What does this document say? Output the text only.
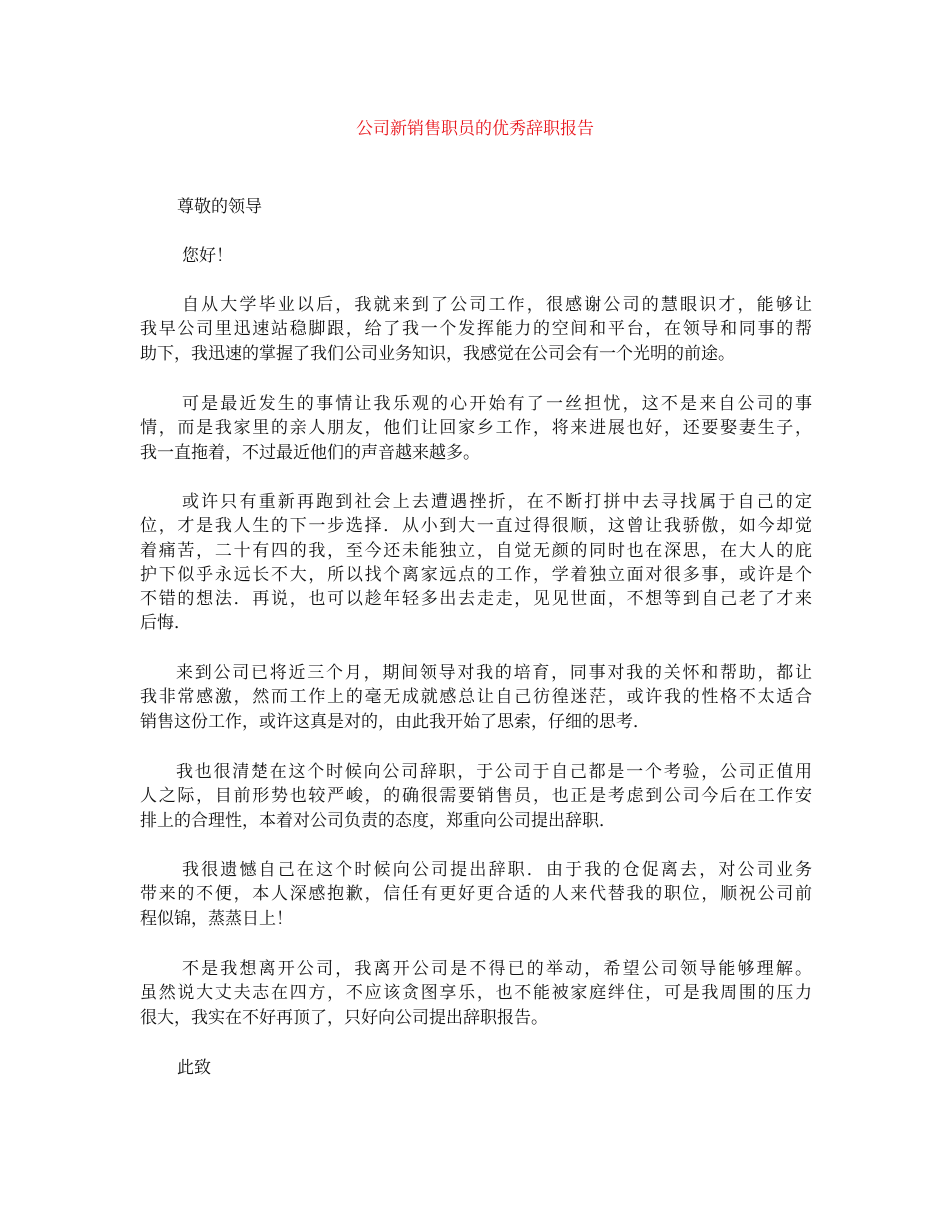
公司新销售职员的优秀辞职报告
尊敬的领导
您好！
自从大学毕业以后，我就来到了公司工作，很感谢公司的慧眼识才，能够让
我早公司里迅速站稳脚跟，给了我一个发挥能力的空间和平台，在领导和同事的帮
助下，我迅速的掌握了我们公司业务知识，我感觉在公司会有一个光明的前途。
可是最近发生的事情让我乐观的心开始有了一丝担忧，这不是来自公司的事
情，而是我家里的亲人朋友，他们让回家乡工作，将来进展也好，还要娶妻生子，
我一直拖着，不过最近他们的声音越来越多。
或许只有重新再跑到社会上去遭遇挫折，在不断打拼中去寻找属于自己的定
位，才是我人生的下一步选择．从小到大一直过得很顺，这曾让我骄傲，如今却觉
着痛苦，二十有四的我，至今还未能独立，自觉无颜的同时也在深思，在大人的庇
护下似乎永远长不大，所以找个离家远点的工作，学着独立面对很多事，或许是个
不错的想法．再说，也可以趁年轻多出去走走，见见世面，不想等到自己老了才来
后悔．
来到公司已将近三个月，期间领导对我的培育，同事对我的关怀和帮助，都让
我非常感激，然而工作上的毫无成就感总让自己彷徨迷茫，或许我的性格不太适合
销售这份工作，或许这真是对的，由此我开始了思索，仔细的思考．
我也很清楚在这个时候向公司辞职，于公司于自己都是一个考验，公司正值用
人之际，目前形势也较严峻，的确很需要销售员，也正是考虑到公司今后在工作安
排上的合理性，本着对公司负责的态度，郑重向公司提出辞职．
我很遗憾自己在这个时候向公司提出辞职．由于我的仓促离去，对公司业务
带来的不便，本人深感抱歉，信任有更好更合适的人来代替我的职位，顺祝公司前
程似锦，蒸蒸日上！
不是我想离开公司，我离开公司是不得已的举动，希望公司领导能够理解。
虽然说大丈夫志在四方，不应该贪图享乐，也不能被家庭绊住，可是我周围的压力
很大，我实在不好再顶了，只好向公司提出辞职报告。
此致
